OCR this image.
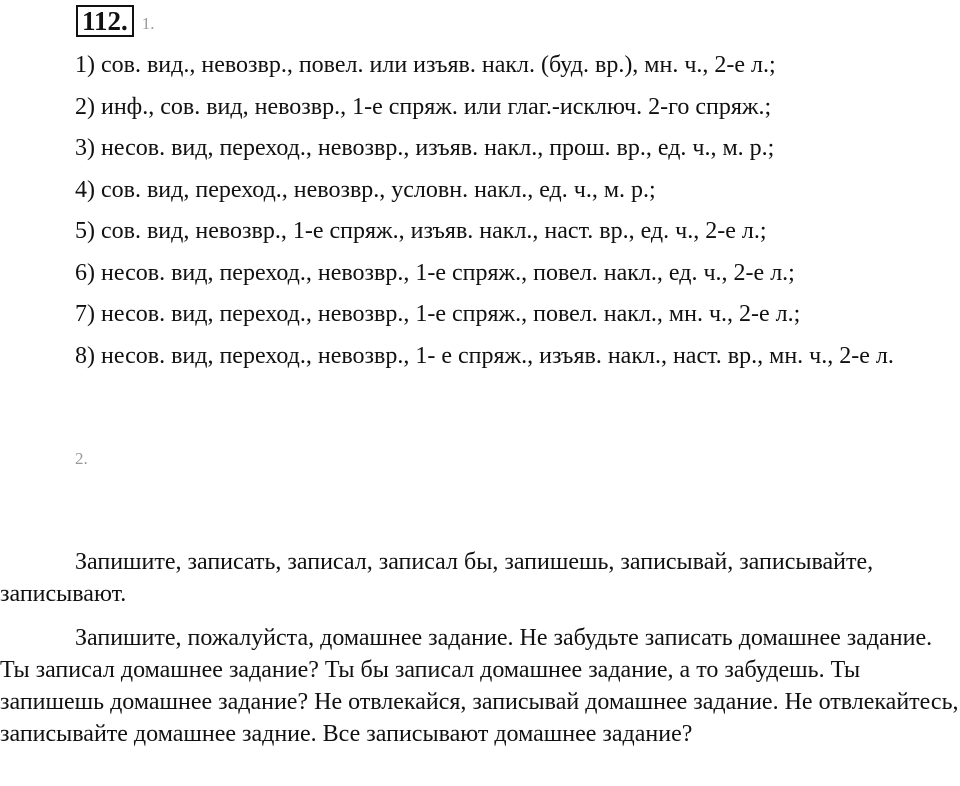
112. 1.
1) сов. вид., невозвр., повел. или изъяв. накл. (буд. вр.), мн. ч., 2-е л.;
2) инф., сов. вид, невозвр., 1-е спряж. или глаг.-исключ. 2-го спряж.;
3) несов. вид, переход., невозвр., изъяв. накл., прош. вр., ед. ч., м. р.;
4) сов. вид, переход., невозвр., условн. накл., ед. ч., м. р.;
5) сов. вид, невозвр., 1-е спряж., изъяв. накл., наст. вр., ед. ч., 2-е л.;
6) несов. вид, переход., невозвр., 1-е спряж., повел. накл., ед. ч., 2-е л.;
7) несов. вид, переход., невозвр., 1-е спряж., повел. накл., мн. ч., 2-е л.;
8) несов. вид, переход., невозвр., 1- е спряж., изъяв. накл., наст. вр., мн. ч., 2-е л.
2.

Запишите, записать, записал, записал бы, запишешь, записывай, записывайте, записывают.

Запишите, пожалуйста, домашнее задание. Не забудьте записать домашнее задание. Ты записал домашнее задание? Ты бы записал домашнее задание, а то забудешь. Ты запишешь домашнее задание? Не отвлекайся, записывай домашнее задание. Не отвлекайтесь, записывайте домашнее задние. Все записывают домашнее задание?
